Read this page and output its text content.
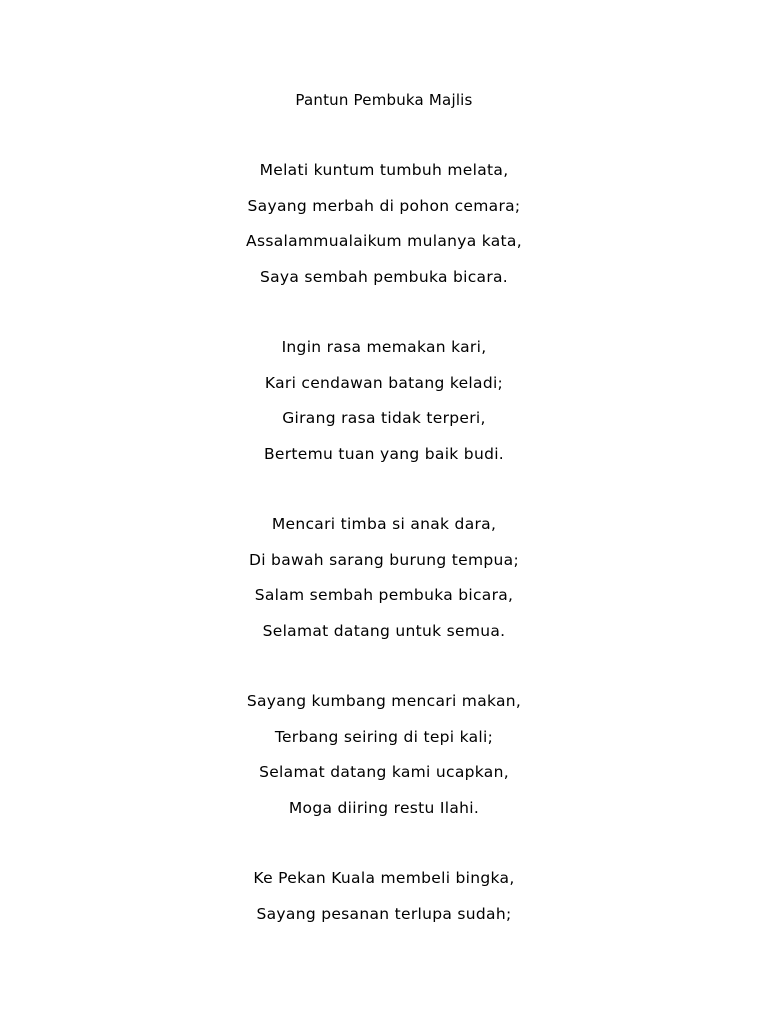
Pantun Pembuka Majlis
Melati kuntum tumbuh melata,
Sayang merbah di pohon cemara;
Assalammualaikum mulanya kata,
Saya sembah pembuka bicara.
Ingin rasa memakan kari,
Kari cendawan batang keladi;
Girang rasa tidak terperi,
Bertemu tuan yang baik budi.
Mencari timba si anak dara,
Di bawah sarang burung tempua;
Salam sembah pembuka bicara,
Selamat datang untuk semua.
Sayang kumbang mencari makan,
Terbang seiring di tepi kali;
Selamat datang kami ucapkan,
Moga diiring restu Ilahi.
Ke Pekan Kuala membeli bingka,
Sayang pesanan terlupa sudah;
